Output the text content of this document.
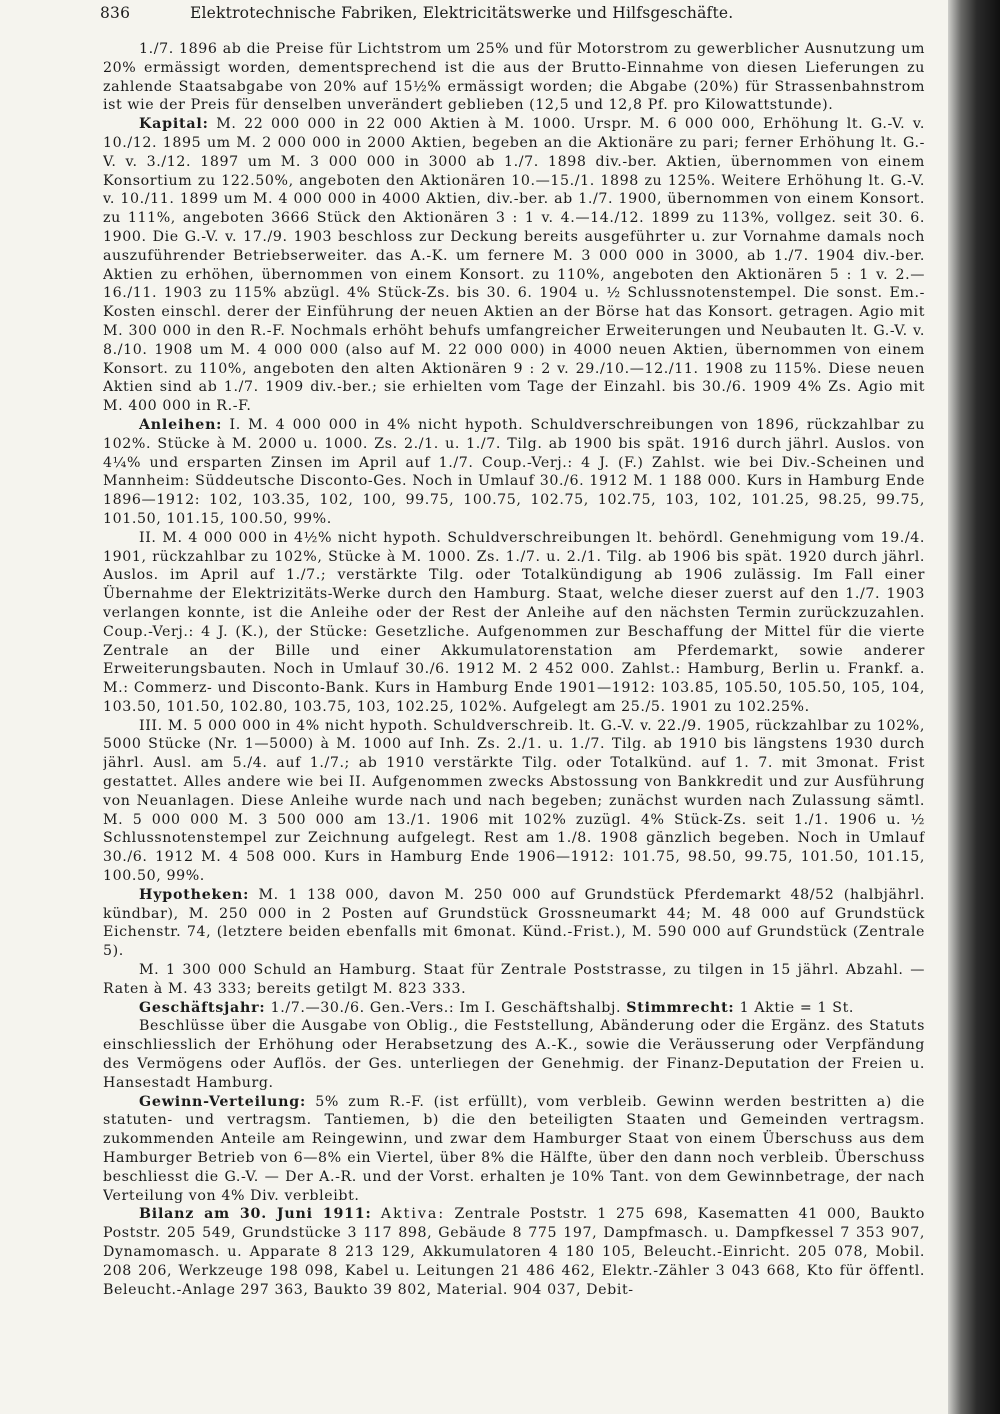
836	Elektrotechnische Fabriken, Elektricitätswerke und Hilfsgeschäfte.

1./7. 1896 ab die Preise für Lichtstrom um 25% und für Motorstrom zu gewerblicher Ausnutzung um 20% ermässigt worden, dementsprechend ist die aus der Brutto-Einnahme von diesen Lieferungen zu zahlende Staatsabgabe von 20% auf 15½% ermässigt worden; die Abgabe (20%) für Strassenbahnstrom ist wie der Preis für denselben unverändert geblieben (12,5 und 12,8 Pf. pro Kilowattstunde).

Kapital: M. 22 000 000 in 22 000 Aktien à M. 1000. Urspr. M. 6 000 000, Erhöhung lt. G.-V. v. 10./12. 1895 um M. 2 000 000 in 2000 Aktien, begeben an die Aktionäre zu pari; ferner Erhöhung lt. G.-V. v. 3./12. 1897 um M. 3 000 000 in 3000 ab 1./7. 1898 div.-ber. Aktien, übernommen von einem Konsortium zu 122.50%, angeboten den Aktionären 10.—15./1. 1898 zu 125%. Weitere Erhöhung lt. G.-V. v. 10./11. 1899 um M. 4 000 000 in 4000 Aktien, div.-ber. ab 1./7. 1900, übernommen von einem Konsort. zu 111%, angeboten 3666 Stück den Aktionären 3 : 1 v. 4.—14./12. 1899 zu 113%, vollgez. seit 30. 6. 1900. Die G.-V. v. 17./9. 1903 beschloss zur Deckung bereits ausgeführter u. zur Vornahme damals noch auszuführender Betriebserweiter. das A.-K. um fernere M. 3 000 000 in 3000, ab 1./7. 1904 div.-ber. Aktien zu erhöhen, übernommen von einem Konsort. zu 110%, angeboten den Aktionären 5 : 1 v. 2.—16./11. 1903 zu 115% abzügl. 4% Stück-Zs. bis 30. 6. 1904 u. ½ Schlussnotenstempel. Die sonst. Em.-Kosten einschl. derer der Einführung der neuen Aktien an der Börse hat das Konsort. getragen. Agio mit M. 300 000 in den R.-F. Nochmals erhöht behufs umfangreicher Erweiterungen und Neubauten lt. G.-V. v. 8./10. 1908 um M. 4 000 000 (also auf M. 22 000 000) in 4000 neuen Aktien, übernommen von einem Konsort. zu 110%, angeboten den alten Aktionären 9 : 2 v. 29./10.—12./11. 1908 zu 115%. Diese neuen Aktien sind ab 1./7. 1909 div.-ber.; sie erhielten vom Tage der Einzahl. bis 30./6. 1909 4% Zs. Agio mit M. 400 000 in R.-F.

Anleihen: I. M. 4 000 000 in 4% nicht hypoth. Schuldverschreibungen von 1896, rückzahlbar zu 102%. Stücke à M. 2000 u. 1000. Zs. 2./1. u. 1./7. Tilg. ab 1900 bis spät. 1916 durch jährl. Auslos. von 4¼% und ersparten Zinsen im April auf 1./7. Coup.-Verj.: 4 J. (F.) Zahlst. wie bei Div.-Scheinen und Mannheim: Süddeutsche Disconto-Ges. Noch in Umlauf 30./6. 1912 M. 1 188 000. Kurs in Hamburg Ende 1896—1912: 102, 103.35, 102, 100, 99.75, 100.75, 102.75, 102.75, 103, 102, 101.25, 98.25, 99.75, 101.50, 101.15, 100.50, 99%.

II. M. 4 000 000 in 4½% nicht hypoth. Schuldverschreibungen lt. behördl. Genehmigung vom 19./4. 1901, rückzahlbar zu 102%, Stücke à M. 1000. Zs. 1./7. u. 2./1. Tilg. ab 1906 bis spät. 1920 durch jährl. Auslos. im April auf 1./7.; verstärkte Tilg. oder Totalkündigung ab 1906 zulässig. Im Fall einer Übernahme der Elektrizitäts-Werke durch den Hamburg. Staat, welche dieser zuerst auf den 1./7. 1903 verlangen konnte, ist die Anleihe oder der Rest der Anleihe auf den nächsten Termin zurückzuzahlen. Coup.-Verj.: 4 J. (K.), der Stücke: Gesetzliche. Aufgenommen zur Beschaffung der Mittel für die vierte Zentrale an der Bille und einer Akkumulatorenstation am Pferdemarkt, sowie anderer Erweiterungsbauten. Noch in Umlauf 30./6. 1912 M. 2 452 000. Zahlst.: Hamburg, Berlin u. Frankf. a. M.: Commerz- und Disconto-Bank. Kurs in Hamburg Ende 1901—1912: 103.85, 105.50, 105.50, 105, 104, 103.50, 101.50, 102.80, 103.75, 103, 102.25, 102%. Aufgelegt am 25./5. 1901 zu 102.25%.

III. M. 5 000 000 in 4% nicht hypoth. Schuldverschreib. lt. G.-V. v. 22./9. 1905, rückzahlbar zu 102%, 5000 Stücke (Nr. 1—5000) à M. 1000 auf Inh. Zs. 2./1. u. 1./7. Tilg. ab 1910 bis längstens 1930 durch jährl. Ausl. am 5./4. auf 1./7.; ab 1910 verstärkte Tilg. oder Totalkünd. auf 1. 7. mit 3monat. Frist gestattet. Alles andere wie bei II. Aufgenommen zwecks Abstossung von Bankkredit und zur Ausführung von Neuanlagen. Diese Anleihe wurde nach und nach begeben; zunächst wurden nach Zulassung sämtl. M. 5 000 000 M. 3 500 000 am 13./1. 1906 mit 102% zuzügl. 4% Stück-Zs. seit 1./1. 1906 u. ½ Schlussnotenstempel zur Zeichnung aufgelegt. Rest am 1./8. 1908 gänzlich begeben. Noch in Umlauf 30./6. 1912 M. 4 508 000. Kurs in Hamburg Ende 1906—1912: 101.75, 98.50, 99.75, 101.50, 101.15, 100.50, 99%.

Hypotheken: M. 1 138 000, davon M. 250 000 auf Grundstück Pferdemarkt 48/52 (halbjährl. kündbar), M. 250 000 in 2 Posten auf Grundstück Grossneumarkt 44; M. 48 000 auf Grundstück Eichenstr. 74, (letztere beiden ebenfalls mit 6monat. Künd.-Frist.), M. 590 000 auf Grundstück (Zentrale 5).

M. 1 300 000 Schuld an Hamburg. Staat für Zentrale Poststrasse, zu tilgen in 15 jährl. Abzahl. — Raten à M. 43 333; bereits getilgt M. 823 333.

Geschäftsjahr: 1./7.—30./6. Gen.-Vers.: Im I. Geschäftshalbj. Stimmrecht: 1 Aktie = 1 St.

Beschlüsse über die Ausgabe von Oblig., die Feststellung, Abänderung oder die Ergänz. des Statuts einschliesslich der Erhöhung oder Herabsetzung des A.-K., sowie die Veräusserung oder Verpfändung des Vermögens oder Auflös. der Ges. unterliegen der Genehmig. der Finanz-Deputation der Freien u. Hansestadt Hamburg.

Gewinn-Verteilung: 5% zum R.-F. (ist erfüllt), vom verbleib. Gewinn werden bestritten a) die statuten- und vertragsm. Tantiemen, b) die den beteiligten Staaten und Gemeinden vertragsm. zukommenden Anteile am Reingewinn, und zwar dem Hamburger Staat von einem Überschuss aus dem Hamburger Betrieb von 6—8% ein Viertel, über 8% die Hälfte, über den dann noch verbleib. Überschuss beschliesst die G.-V. — Der A.-R. und der Vorst. erhalten je 10% Tant. von dem Gewinnbetrage, der nach Verteilung von 4% Div. verbleibt.

Bilanz am 30. Juni 1911: Aktiva: Zentrale Poststr. 1 275 698, Kasematten 41 000, Baukto Poststr. 205 549, Grundstücke 3 117 898, Gebäude 8 775 197, Dampfmasch. u. Dampfkessel 7 353 907, Dynamomasch. u. Apparate 8 213 129, Akkumulatoren 4 180 105, Beleucht.-Einricht. 205 078, Mobil. 208 206, Werkzeuge 198 098, Kabel u. Leitungen 21 486 462, Elektr.-Zähler 3 043 668, Kto für öffentl. Beleucht.-Anlage 297 363, Baukto 39 802, Material. 904 037, Debit-
